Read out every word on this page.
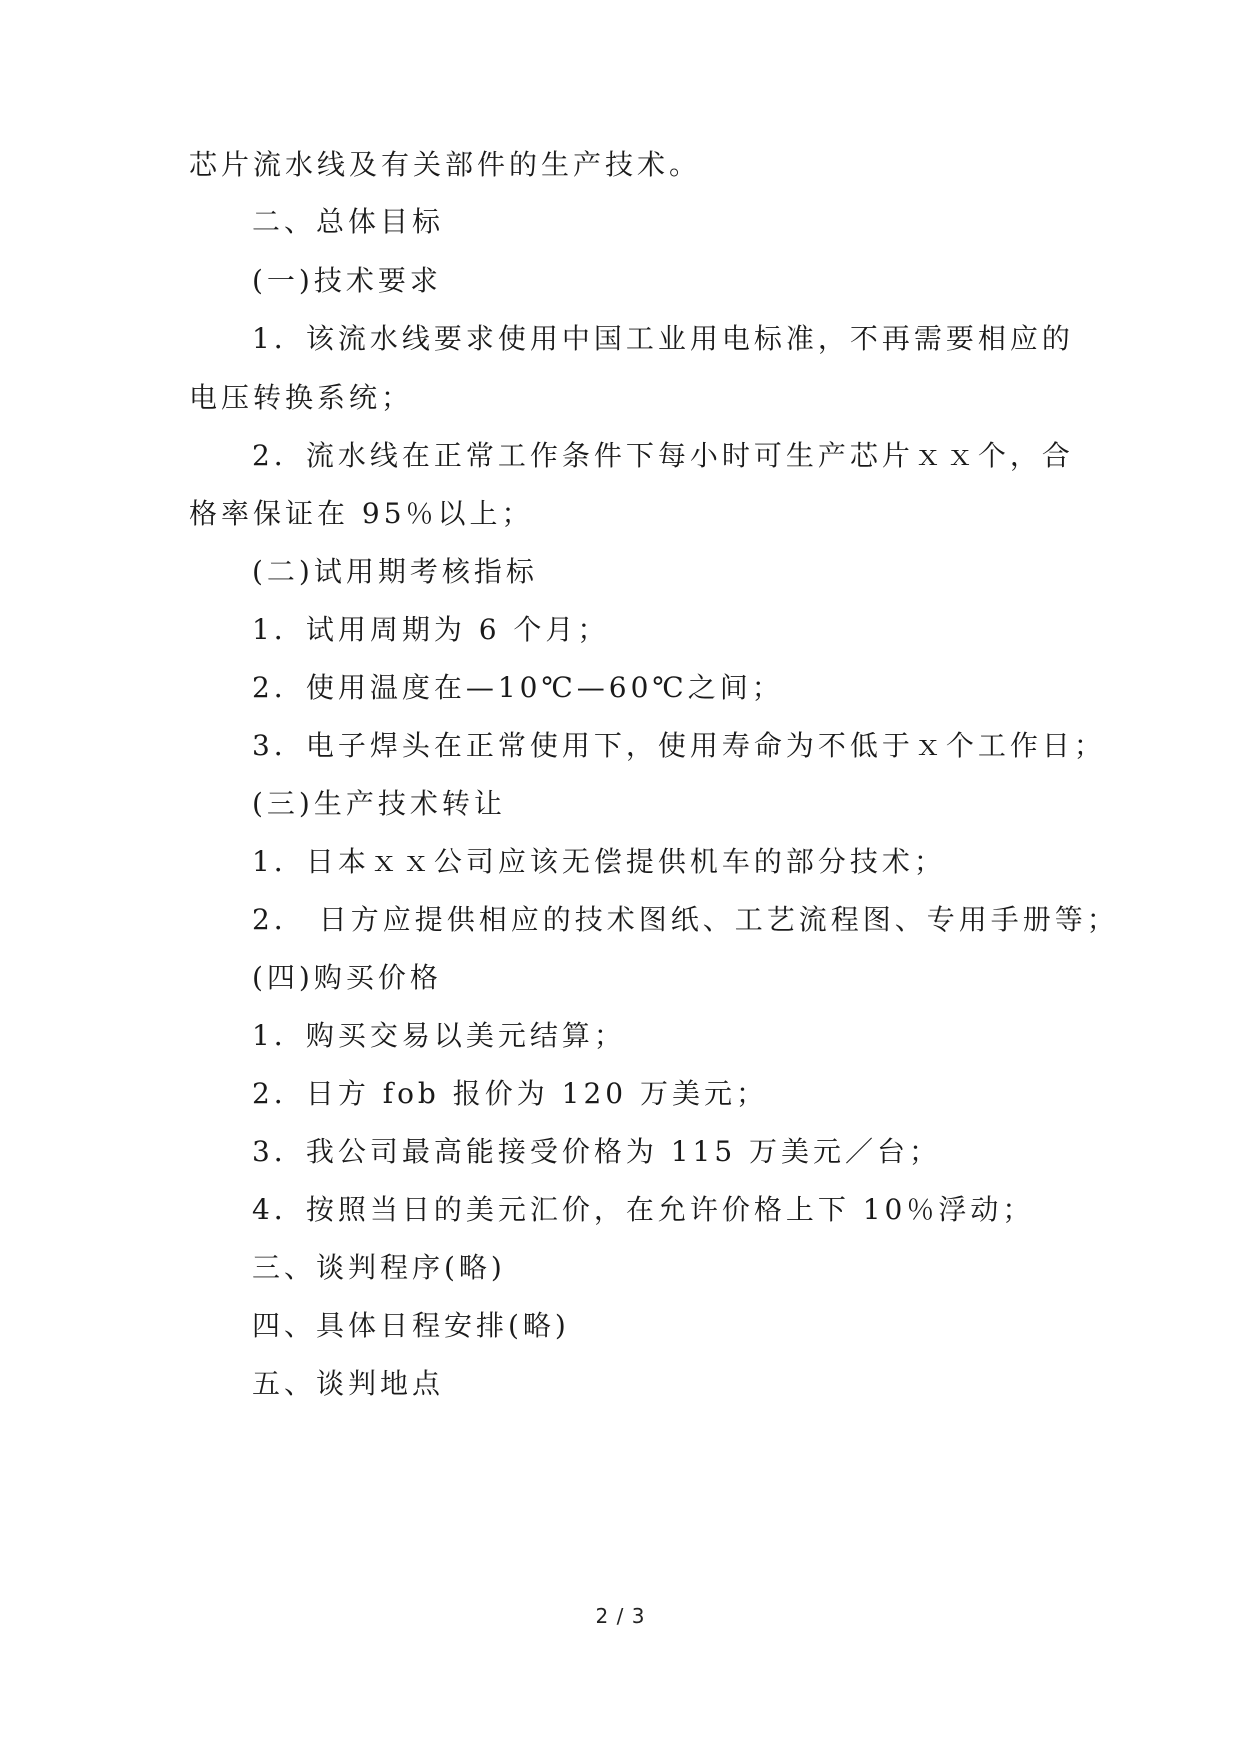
芯片流水线及有关部件的生产技术。
二、总体目标
(一)技术要求
1．该流水线要求使用中国工业用电标准，不再需要相应的
电压转换系统；
2．流水线在正常工作条件下每小时可生产芯片ｘｘ个，合
格率保证在 95％以上；
(二)试用期考核指标
1．试用周期为 6 个月；
2．使用温度在—10℃—60℃之间；
3．电子焊头在正常使用下，使用寿命为不低于ｘ个工作日；
(三)生产技术转让
1．日本ｘｘ公司应该无偿提供机车的部分技术；
2． 日方应提供相应的技术图纸、工艺流程图、专用手册等；
(四)购买价格
1．购买交易以美元结算；
2．日方 fob 报价为 120 万美元；
3．我公司最高能接受价格为 115 万美元／台；
4．按照当日的美元汇价，在允许价格上下 10％浮动；
三、谈判程序(略)
四、具体日程安排(略)
五、谈判地点
2 / 3
